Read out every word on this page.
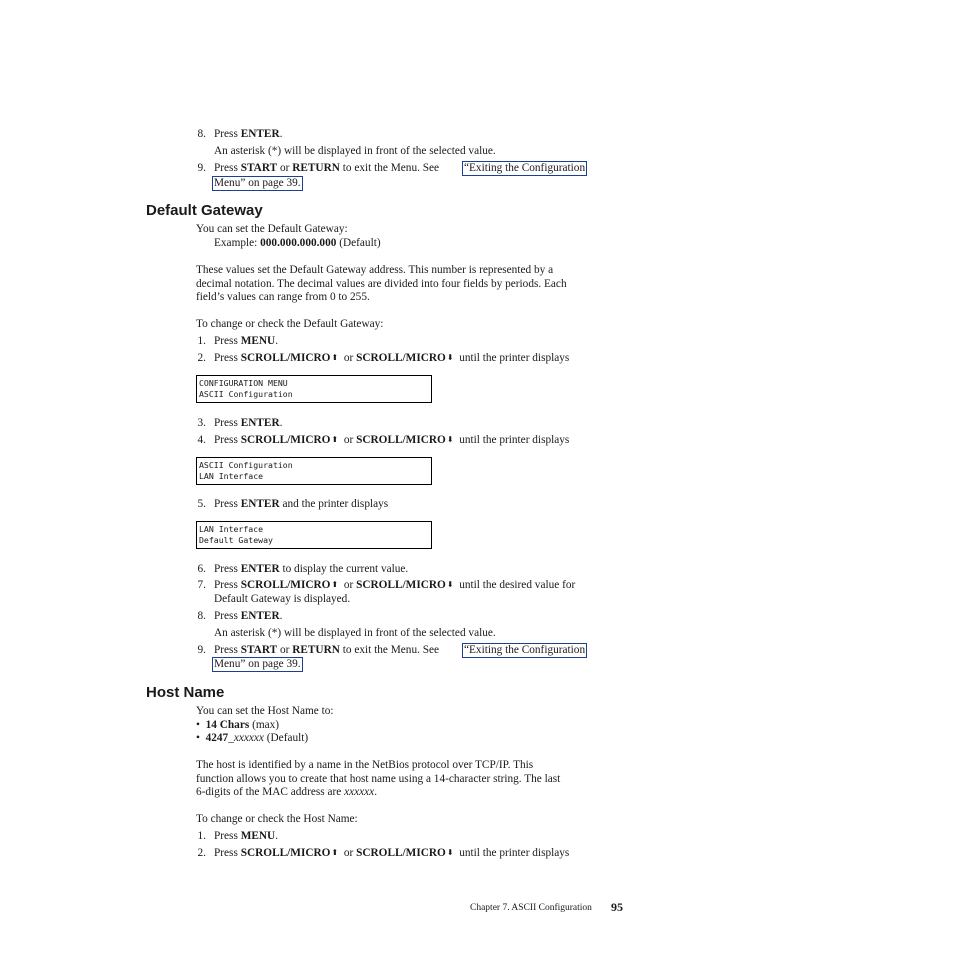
8. Press ENTER.
An asterisk (*) will be displayed in front of the selected value.
9. Press START or RETURN to exit the Menu. See “Exiting the Configuration
Menu” on page 39.
Default Gateway
You can set the Default Gateway:
Example: 000.000.000.000 (Default)
These values set the Default Gateway address. This number is represented by a
decimal notation. The decimal values are divided into four fields by periods. Each
field’s values can range from 0 to 255.
To change or check the Default Gateway:
1. Press MENU.
2. Press SCROLL/MICRO⬆ or SCROLL/MICRO⬇ until the printer displays
CONFIGURATION MENU
ASCII Configuration
3. Press ENTER.
4. Press SCROLL/MICRO⬆ or SCROLL/MICRO⬇ until the printer displays
ASCII Configuration
LAN Interface
5. Press ENTER and the printer displays
LAN Interface
Default Gateway
6. Press ENTER to display the current value.
7. Press SCROLL/MICRO⬆ or SCROLL/MICRO⬇ until the desired value for
Default Gateway is displayed.
8. Press ENTER.
An asterisk (*) will be displayed in front of the selected value.
9. Press START or RETURN to exit the Menu. See “Exiting the Configuration
Menu” on page 39.
Host Name
You can set the Host Name to:
•  14 Chars (max)
•  4247_xxxxxx (Default)
The host is identified by a name in the NetBios protocol over TCP/IP. This
function allows you to create that host name using a 14-character string. The last
6-digits of the MAC address are xxxxxx.
To change or check the Host Name:
1. Press MENU.
2. Press SCROLL/MICRO⬆ or SCROLL/MICRO⬇ until the printer displays
Chapter 7. ASCII Configuration 95
